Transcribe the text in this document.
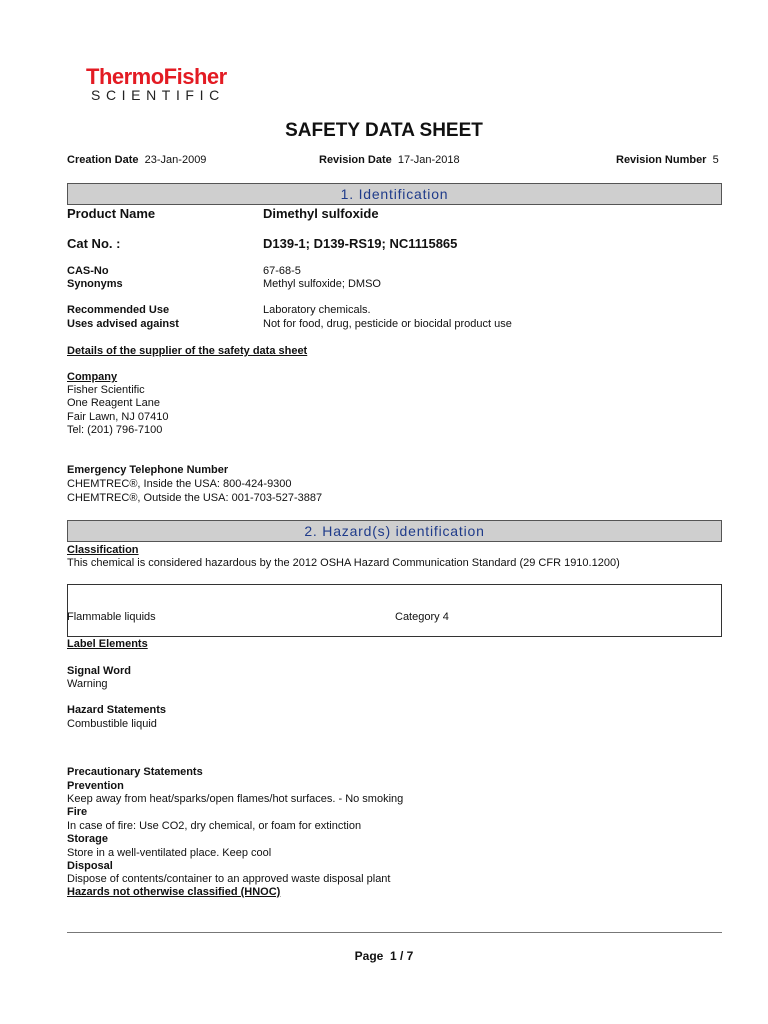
ThermoFisher
SCIENTIFIC
SAFETY DATA SHEET
Creation Date 23-Jan-2009	Revision Date 17-Jan-2018	Revision Number 5
1. Identification
Product Name	Dimethyl sulfoxide
Cat No. :	D139-1; D139-RS19; NC1115865
CAS-No	67-68-5
Synonyms	Methyl sulfoxide; DMSO
Recommended Use	Laboratory chemicals.
Uses advised against	Not for food, drug, pesticide or biocidal product use
Details of the supplier of the safety data sheet
Company
Fisher Scientific
One Reagent Lane
Fair Lawn, NJ 07410
Tel: (201) 796-7100
Emergency Telephone Number
CHEMTREC®, Inside the USA: 800-424-9300
CHEMTREC®, Outside the USA: 001-703-527-3887
2. Hazard(s) identification
Classification
This chemical is considered hazardous by the 2012 OSHA Hazard Communication Standard (29 CFR 1910.1200)
Flammable liquids	Category 4
Label Elements
Signal Word
Warning
Hazard Statements
Combustible liquid
Precautionary Statements
Prevention
Keep away from heat/sparks/open flames/hot surfaces. - No smoking
Fire
In case of fire: Use CO2, dry chemical, or foam for extinction
Storage
Store in a well-ventilated place. Keep cool
Disposal
Dispose of contents/container to an approved waste disposal plant
Hazards not otherwise classified (HNOC)
Page 1 / 7
